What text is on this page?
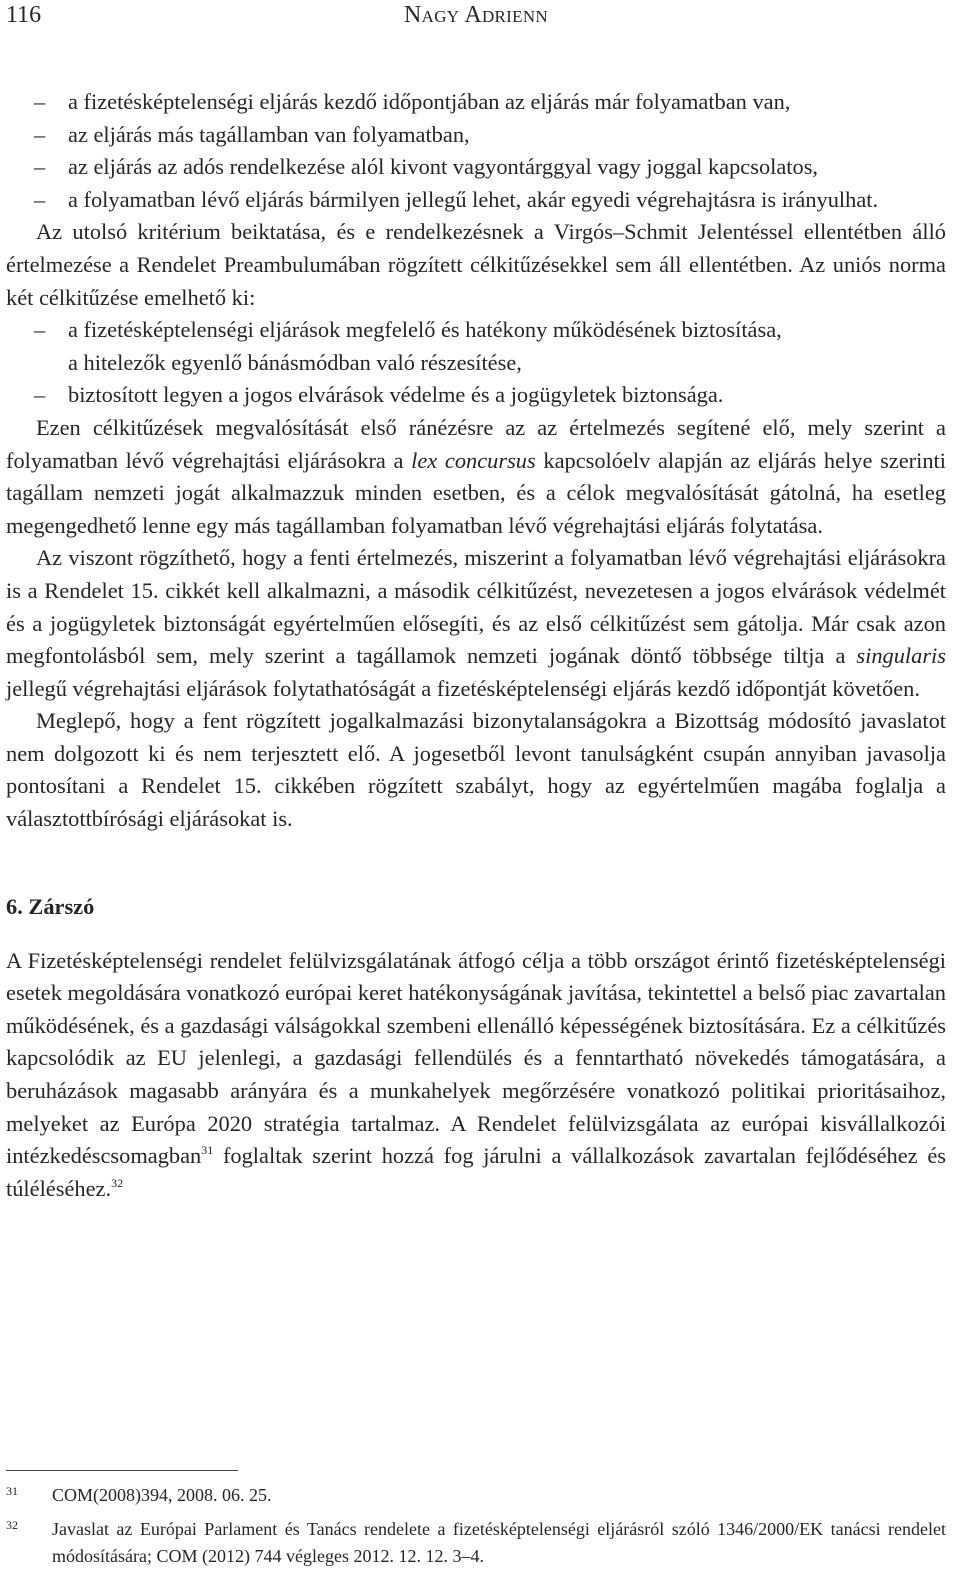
116	Nagy Adrienn
– a fizetésképtelenségi eljárás kezdő időpontjában az eljárás már folyamatban van,
– az eljárás más tagállamban van folyamatban,
– az eljárás az adós rendelkezése alól kivont vagyontárggyal vagy joggal kapcsolatos,
– a folyamatban lévő eljárás bármilyen jellegű lehet, akár egyedi végrehajtásra is irányulhat.

Az utolsó kritérium beiktatása, és e rendelkezésnek a Virgós–Schmit Jelentéssel ellentétben álló értelmezése a Rendelet Preambulumában rögzített célkitűzésekkel sem áll ellentétben. Az uniós norma két célkitűzése emelhető ki:

– a fizetésképtelenségi eljárások megfelelő és hatékony működésének biztosítása,
a hitelezők egyenlő bánásmódban való részesítése,
– biztosított legyen a jogos elvárások védelme és a jogügyletek biztonsága.

Ezen célkitűzések megvalósítását első ránézésre az az értelmezés segítené elő, mely szerint a folyamatban lévő végrehajtási eljárásokra a lex concursus kapcsolóelv alapján az eljárás helye szerinti tagállam nemzeti jogát alkalmazzuk minden esetben, és a célok megvalósítását gátolná, ha esetleg megengedhető lenne egy más tagállamban folyamatban lévő végrehajtási eljárás folytatása.

Az viszont rögzíthető, hogy a fenti értelmezés, miszerint a folyamatban lévő végrehajtási eljárásokra is a Rendelet 15. cikkét kell alkalmazni, a második célkitűzést, nevezetesen a jogos elvárások védelmét és a jogügyletek biztonságát egyértelműen elősegíti, és az első célkitűzést sem gátolja. Már csak azon megfontolásból sem, mely szerint a tagállamok nemzeti jogának döntő többsége tiltja a singularis jellegű végrehajtási eljárások folytathatóságát a fizetésképtelenségi eljárás kezdő időpontját követően.

Meglepő, hogy a fent rögzített jogalkalmazási bizonytalanságokra a Bizottság módosító javaslatot nem dolgozott ki és nem terjesztett elő. A jogesetből levont tanulságként csupán annyiban javasolja pontosítani a Rendelet 15. cikkében rögzített szabályt, hogy az egyértelműen magába foglalja a választottbírósági eljárásokat is.

6. Zárszó

A Fizetésképtelenségi rendelet felülvizsgálatának átfogó célja a több országot érintő fizetésképtelenségi esetek megoldására vonatkozó európai keret hatékonyságának javítása, tekintettel a belső piac zavartalan működésének, és a gazdasági válságokkal szembeni ellenálló képességének biztosítására. Ez a célkitűzés kapcsolódik az EU jelenlegi, a gazdasági fellendülés és a fenntartható növekedés támogatására, a beruházások magasabb arányára és a munkahelyek megőrzésére vonatkozó politikai prioritásaihoz, melyeket az Európa 2020 stratégia tartalmaz. A Rendelet felülvizsgálata az európai kisvállalkozói intézkedéscsomagban$^{31}$ foglaltak szerint hozzá fog járulni a vállalkozások zavartalan fejlődéséhez és túléléséhez.$^{32}$

31 COM(2008)394, 2008. 06. 25.
32 Javaslat az Európai Parlament és Tanács rendelete a fizetésképtelenségi eljárásról szóló 1346/2000/EK tanácsi rendelet módosítására; COM (2012) 744 végleges 2012. 12. 12. 3–4.
